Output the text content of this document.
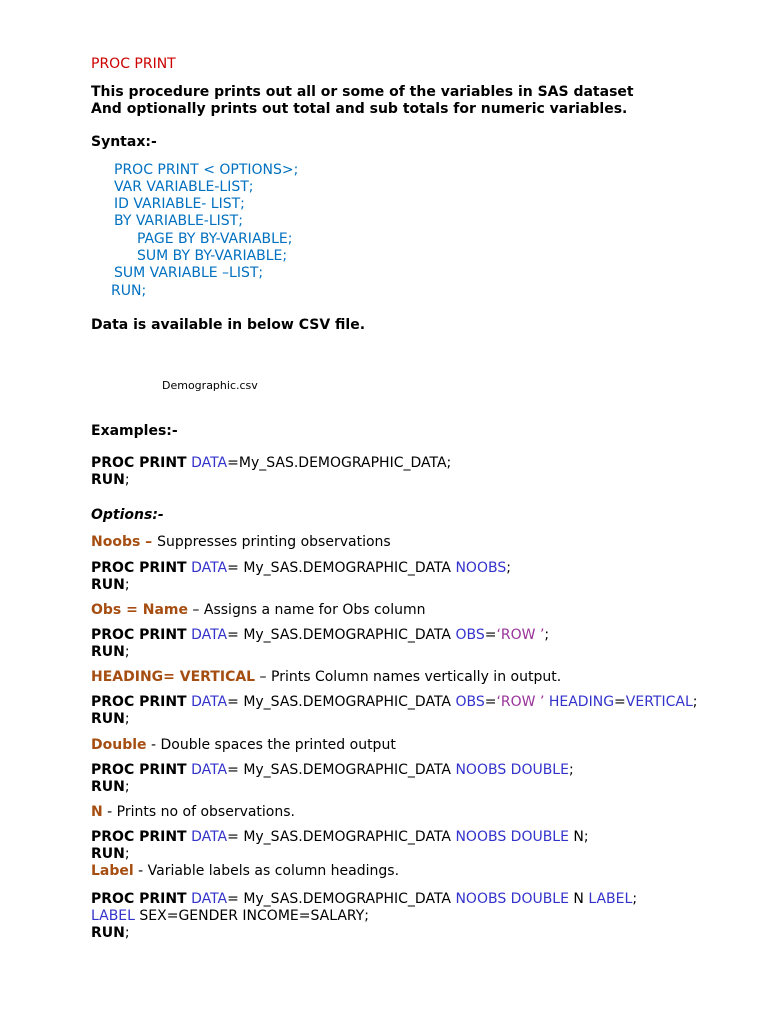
PROC PRINT
This procedure prints out all or some of the variables in SAS dataset
And optionally prints out total and sub totals for numeric variables.
Syntax:-
PROC PRINT < OPTIONS>;
VAR VARIABLE-LIST;
ID VARIABLE- LIST;
BY VARIABLE-LIST;
PAGE BY BY-VARIABLE;
SUM BY BY-VARIABLE;
SUM VARIABLE –LIST;
RUN;
Data is available in below CSV file.
Demographic.csv
Examples:-
PROC PRINT DATA=My_SAS.DEMOGRAPHIC_DATA;
RUN;
Options:-
Noobs – Suppresses printing observations
PROC PRINT DATA= My_SAS.DEMOGRAPHIC_DATA NOOBS;
RUN;
Obs = Name – Assigns a name for Obs column
PROC PRINT DATA= My_SAS.DEMOGRAPHIC_DATA OBS=‘ROW ’;
RUN;
HEADING= VERTICAL – Prints Column names vertically in output.
PROC PRINT DATA= My_SAS.DEMOGRAPHIC_DATA OBS=‘ROW ’ HEADING=VERTICAL;
RUN;
Double - Double spaces the printed output
PROC PRINT DATA= My_SAS.DEMOGRAPHIC_DATA NOOBS DOUBLE;
RUN;
N - Prints no of observations.
PROC PRINT DATA= My_SAS.DEMOGRAPHIC_DATA NOOBS DOUBLE N;
RUN;
Label - Variable labels as column headings.
PROC PRINT DATA= My_SAS.DEMOGRAPHIC_DATA NOOBS DOUBLE N LABEL;
LABEL SEX=GENDER INCOME=SALARY;
RUN;
